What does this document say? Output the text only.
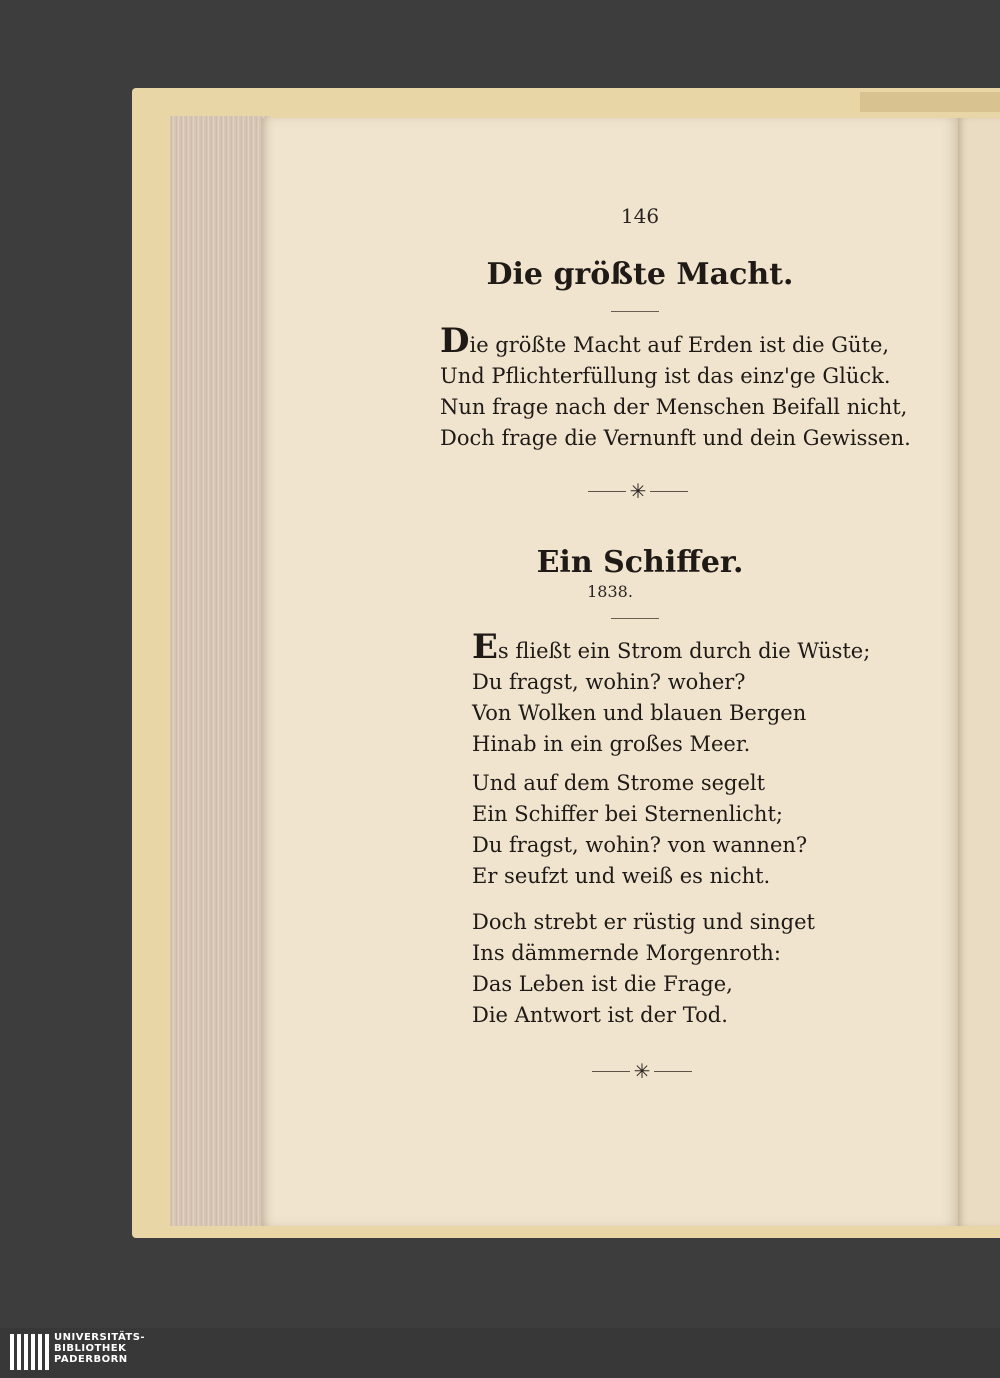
146
Die größte Macht.
Die größte Macht auf Erden ist die Güte,
Und Pflichterfüllung ist das einz'ge Glück.
Nun frage nach der Menschen Beifall nicht,
Doch frage die Vernunft und dein Gewissen.
✳
Ein Schiffer.
1838.
Es fließt ein Strom durch die Wüste;
Du fragst, wohin? woher?
Von Wolken und blauen Bergen
Hinab in ein großes Meer.
Und auf dem Strome segelt
Ein Schiffer bei Sternenlicht;
Du fragst, wohin? von wannen?
Er seufzt und weiß es nicht.
Doch strebt er rüstig und singet
Ins dämmernde Morgenroth:
Das Leben ist die Frage,
Die Antwort ist der Tod.
✳
UNIVERSITÄTS-
BIBLIOTHEK
PADERBORN
